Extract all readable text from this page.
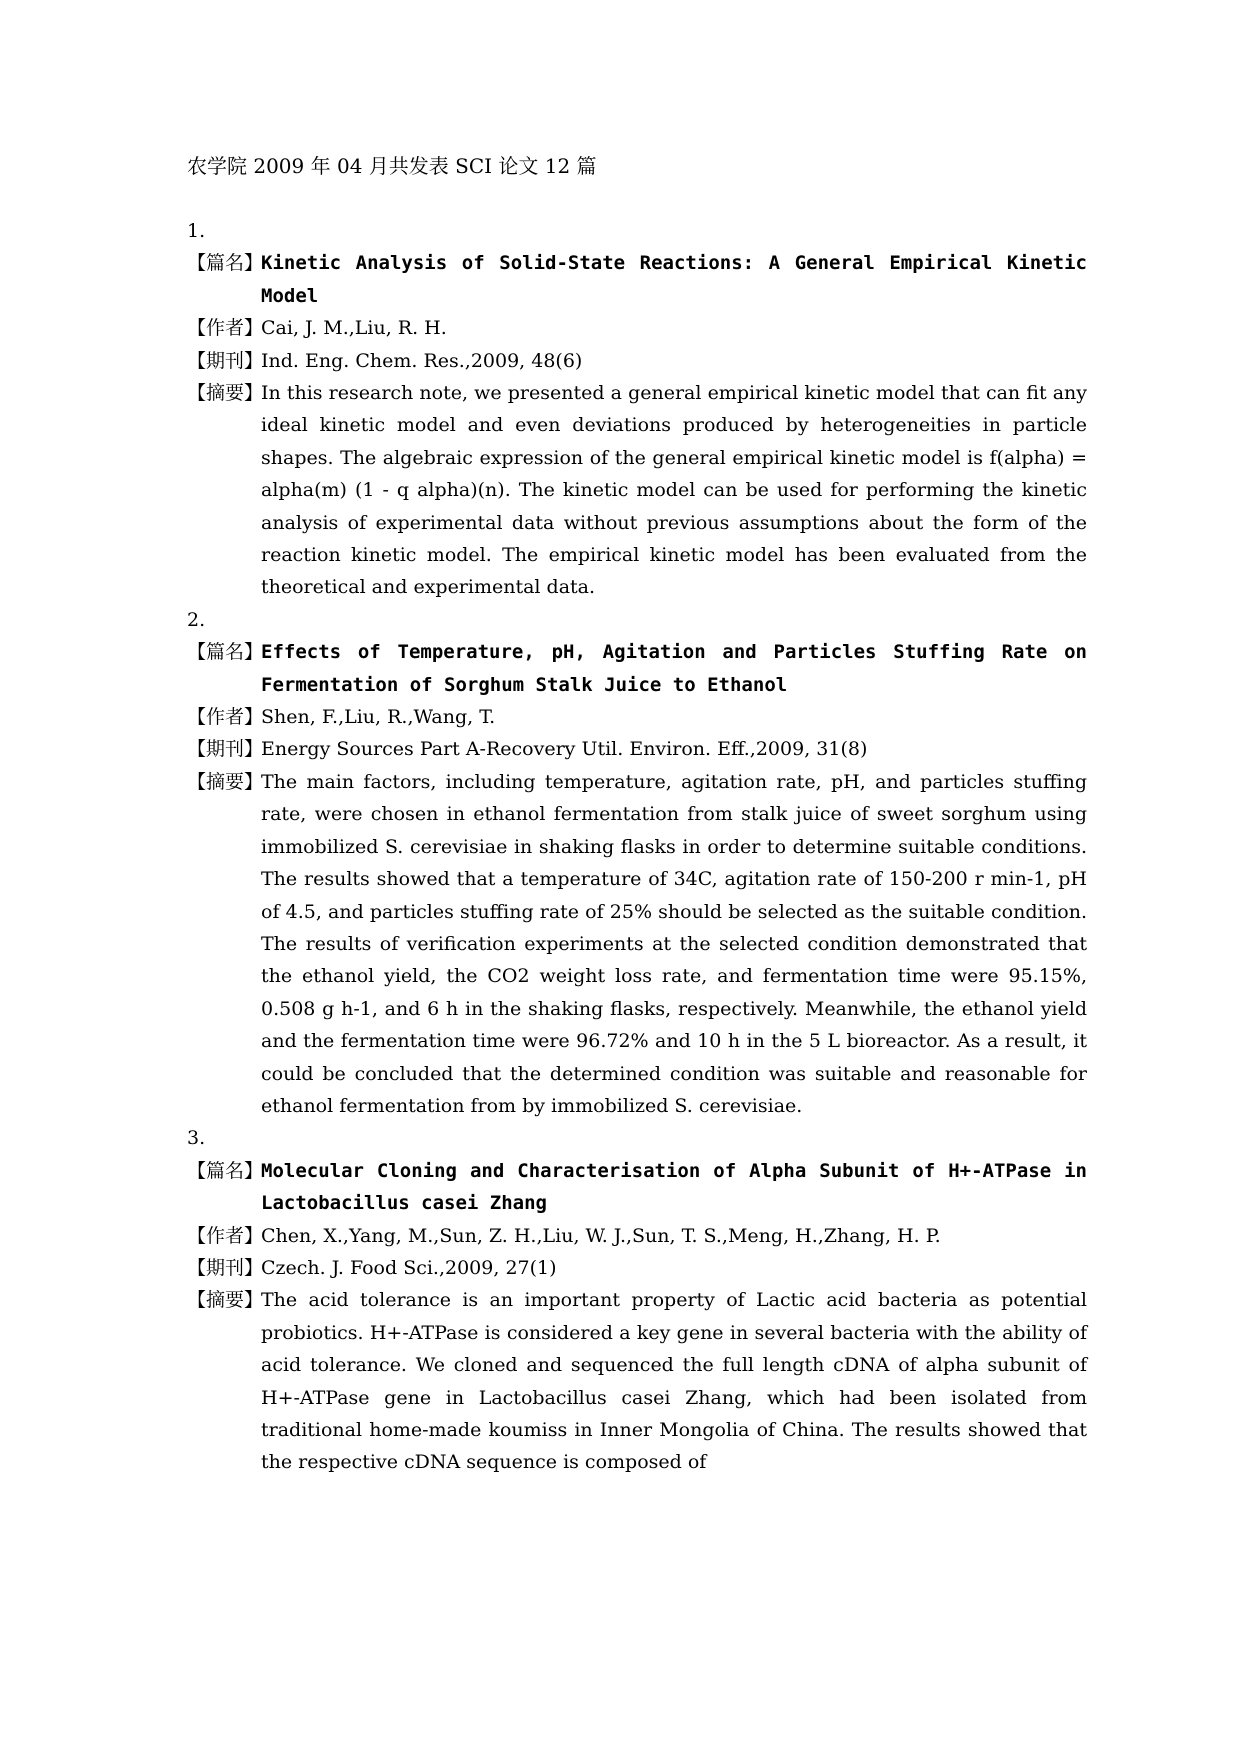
农学院 2009 年 04 月共发表 SCI 论文 12 篇
1.
【篇名】
Kinetic Analysis of Solid-State Reactions: A General Empirical Kinetic Model
【作者】
Cai, J. M.,Liu, R. H.
【期刊】
Ind. Eng. Chem. Res.,2009, 48(6)
【摘要】
In this research note, we presented a general empirical kinetic model that can fit any ideal kinetic model and even deviations produced by heterogeneities in particle shapes. The algebraic expression of the general empirical kinetic model is f(alpha) = alpha(m) (1 - q alpha)(n). The kinetic model can be used for performing the kinetic analysis of experimental data without previous assumptions about the form of the reaction kinetic model. The empirical kinetic model has been evaluated from the theoretical and experimental data.
2.
【篇名】
Effects of Temperature, pH, Agitation and Particles Stuffing Rate on Fermentation of Sorghum Stalk Juice to Ethanol
【作者】
Shen, F.,Liu, R.,Wang, T.
【期刊】
Energy Sources Part A-Recovery Util. Environ. Eff.,2009, 31(8)
【摘要】
The main factors, including temperature, agitation rate, pH, and particles stuffing rate, were chosen in ethanol fermentation from stalk juice of sweet sorghum using immobilized S. cerevisiae in shaking flasks in order to determine suitable conditions. The results showed that a temperature of 34C, agitation rate of 150-200 r min-1, pH of 4.5, and particles stuffing rate of 25% should be selected as the suitable condition. The results of verification experiments at the selected condition demonstrated that the ethanol yield, the CO2 weight loss rate, and fermentation time were 95.15%, 0.508 g h-1, and 6 h in the shaking flasks, respectively. Meanwhile, the ethanol yield and the fermentation time were 96.72% and 10 h in the 5 L bioreactor. As a result, it could be concluded that the determined condition was suitable and reasonable for ethanol fermentation from by immobilized S. cerevisiae.
3.
【篇名】
Molecular Cloning and Characterisation of Alpha Subunit of H+-ATPase in Lactobacillus casei Zhang
【作者】
Chen, X.,Yang, M.,Sun, Z. H.,Liu, W. J.,Sun, T. S.,Meng, H.,Zhang, H. P.
【期刊】
Czech. J. Food Sci.,2009, 27(1)
【摘要】
The acid tolerance is an important property of Lactic acid bacteria as potential probiotics. H+-ATPase is considered a key gene in several bacteria with the ability of acid tolerance. We cloned and sequenced the full length cDNA of alpha subunit of H+-ATPase gene in Lactobacillus casei Zhang, which had been isolated from traditional home-made koumiss in Inner Mongolia of China. The results showed that the respective cDNA sequence is composed of
